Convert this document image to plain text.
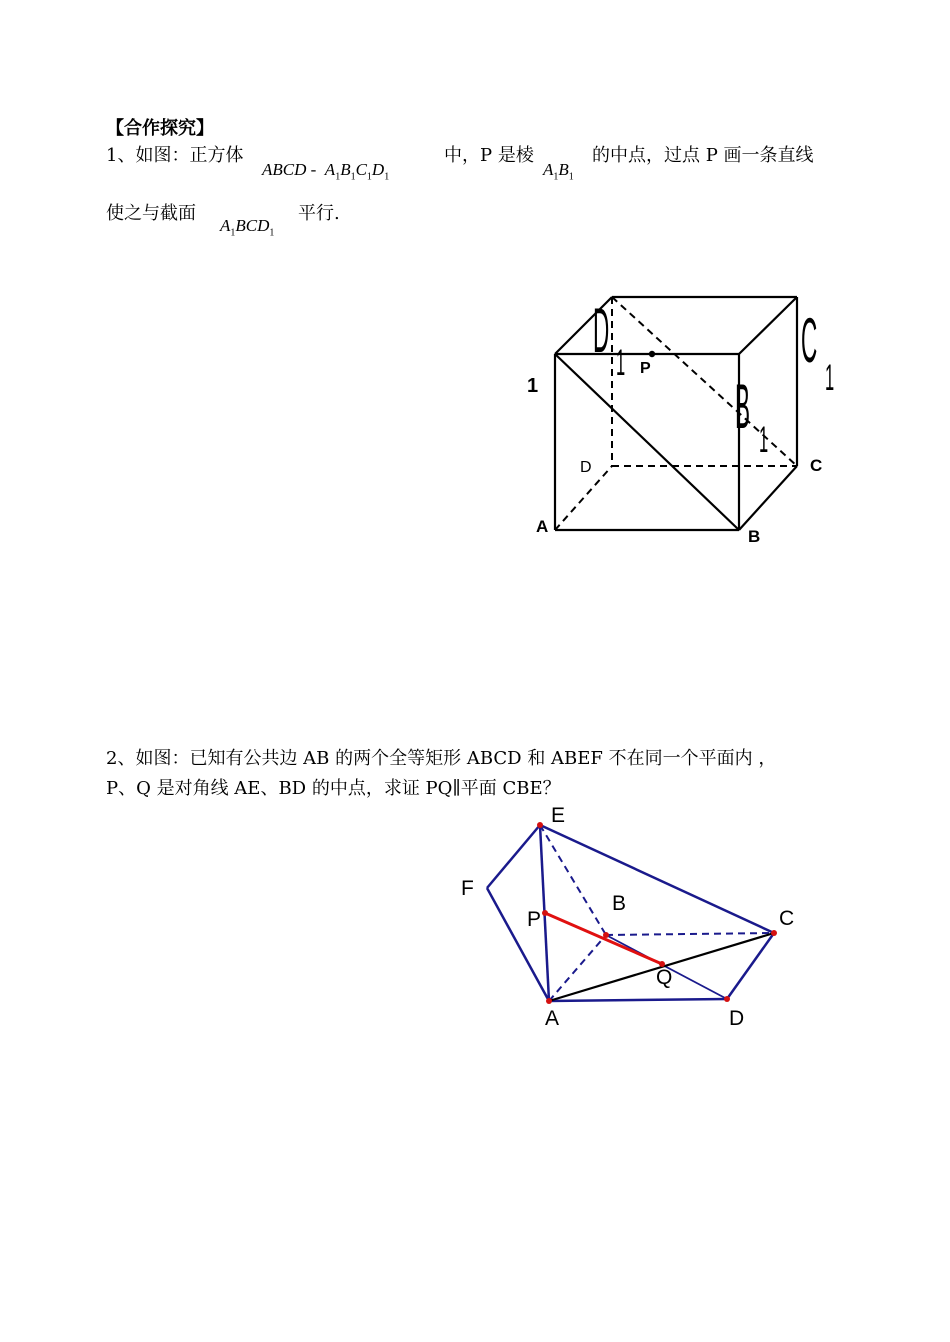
【合作探究】
1、如图：正方体
ABCD -  $A_1B_1C_1D_1$
中，P 是棱
$A_1B_1$
的中点，过点 P 画一条直线
使之与截面
$A_1BCD_1$
平行.
D 1	C
1
B 1
P
1
D	C
A
B
2、如图：已知有公共边 AB 的两个全等矩形 ABCD 和 ABEF 不在同一个平面内 ，
P、Q 是对角线 AE、BD 的中点，求证 PQ∥平面 CBE？
E
F
P
B
C
Q
A	D
